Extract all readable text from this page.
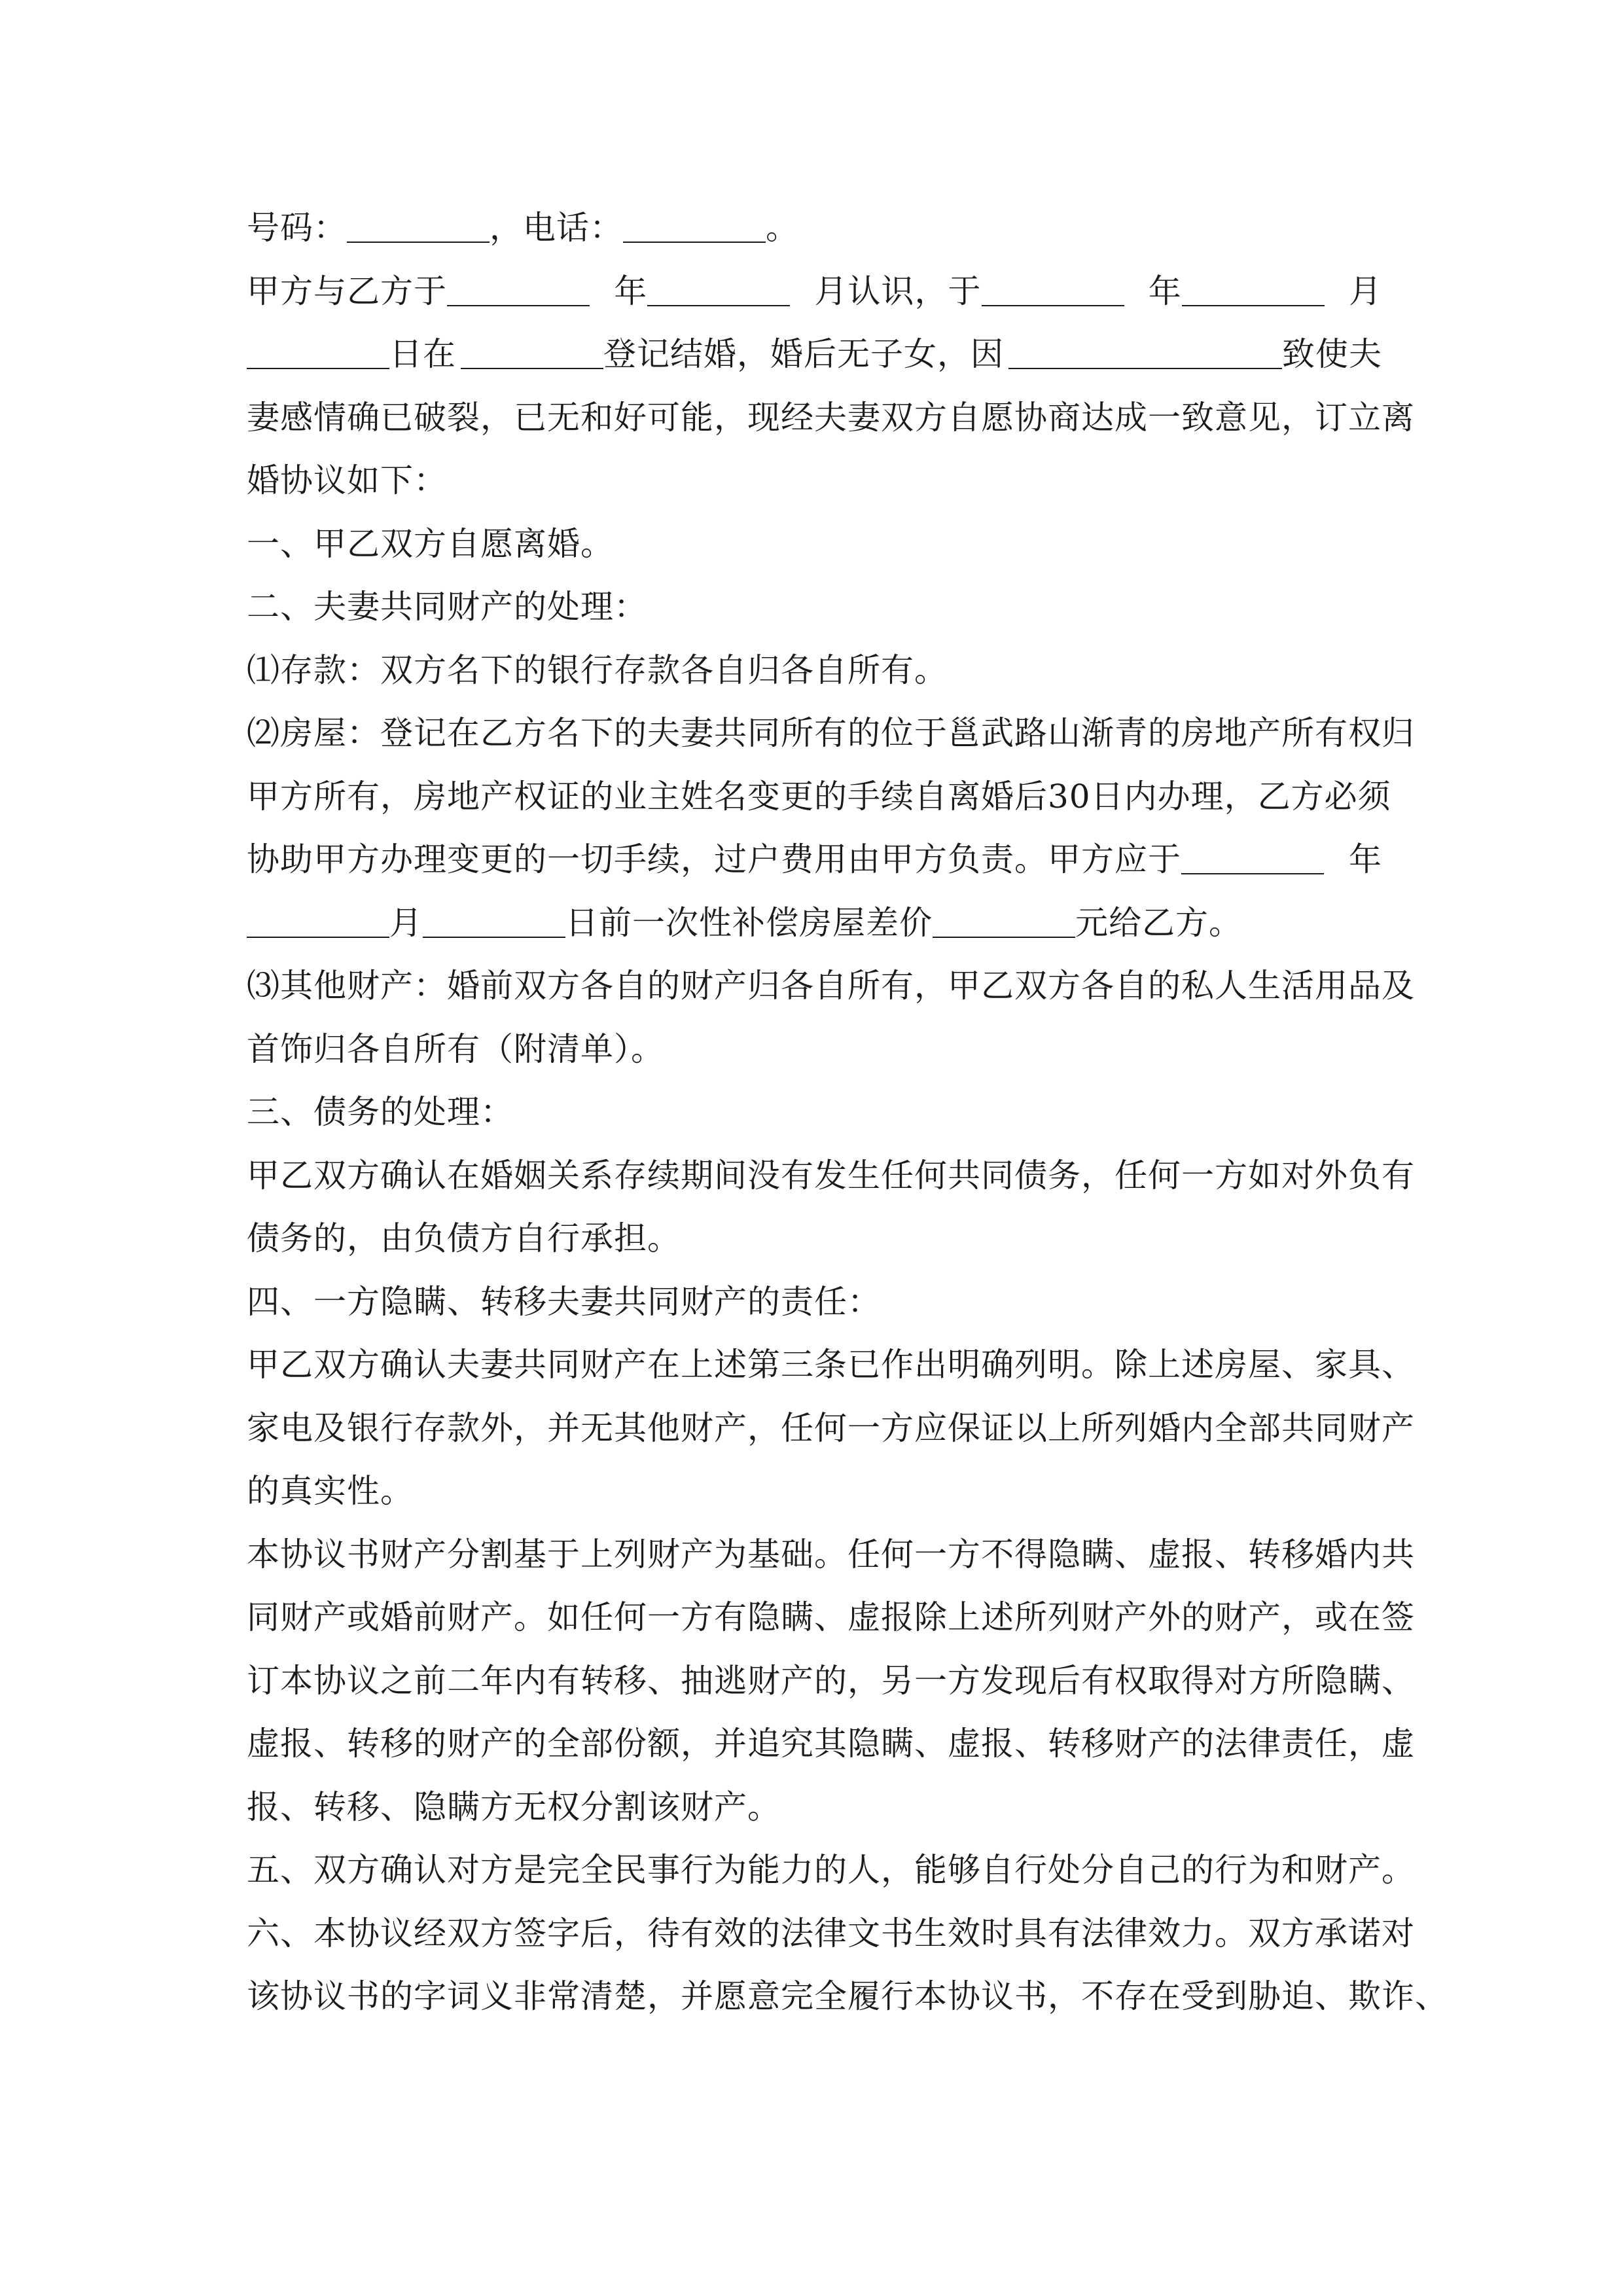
号码：	，电话：	。
甲方与乙方于	年	月认识，于	年	月
日在	登记结婚，婚后无子女，因	致使夫
妻感情确已破裂，已无和好可能，现经夫妻双方自愿协商达成一致意见，订立离
婚协议如下：
一、甲乙双方自愿离婚。
二、夫妻共同财产的处理：
⑴存款：双方名下的银行存款各自归各自所有。
⑵房屋：登记在乙方名下的夫妻共同所有的位于邕武路山渐青的房地产所有权归
甲方所有，房地产权证的业主姓名变更的手续自离婚后30日内办理，乙方必须
协助甲方办理变更的一切手续，过户费用由甲方负责。甲方应于	年
月	日前一次性补偿房屋差价	元给乙方。
⑶其他财产：婚前双方各自的财产归各自所有，甲乙双方各自的私人生活用品及
首饰归各自所有（附清单）。
三、债务的处理：
甲乙双方确认在婚姻关系存续期间没有发生任何共同债务，任何一方如对外负有
债务的，由负债方自行承担。
四、一方隐瞒、转移夫妻共同财产的责任：
甲乙双方确认夫妻共同财产在上述第三条已作出明确列明。除上述房屋、家具、
家电及银行存款外，并无其他财产，任何一方应保证以上所列婚内全部共同财产
的真实性。
本协议书财产分割基于上列财产为基础。任何一方不得隐瞒、虚报、转移婚内共
同财产或婚前财产。如任何一方有隐瞒、虚报除上述所列财产外的财产，或在签
订本协议之前二年内有转移、抽逃财产的，另一方发现后有权取得对方所隐瞒、
虚报、转移的财产的全部份额，并追究其隐瞒、虚报、转移财产的法律责任，虚
报、转移、隐瞒方无权分割该财产。
五、双方确认对方是完全民事行为能力的人，能够自行处分自己的行为和财产。
六、本协议经双方签字后，待有效的法律文书生效时具有法律效力。双方承诺对
该协议书的字词义非常清楚，并愿意完全履行本协议书，不存在受到胁迫、欺诈、
